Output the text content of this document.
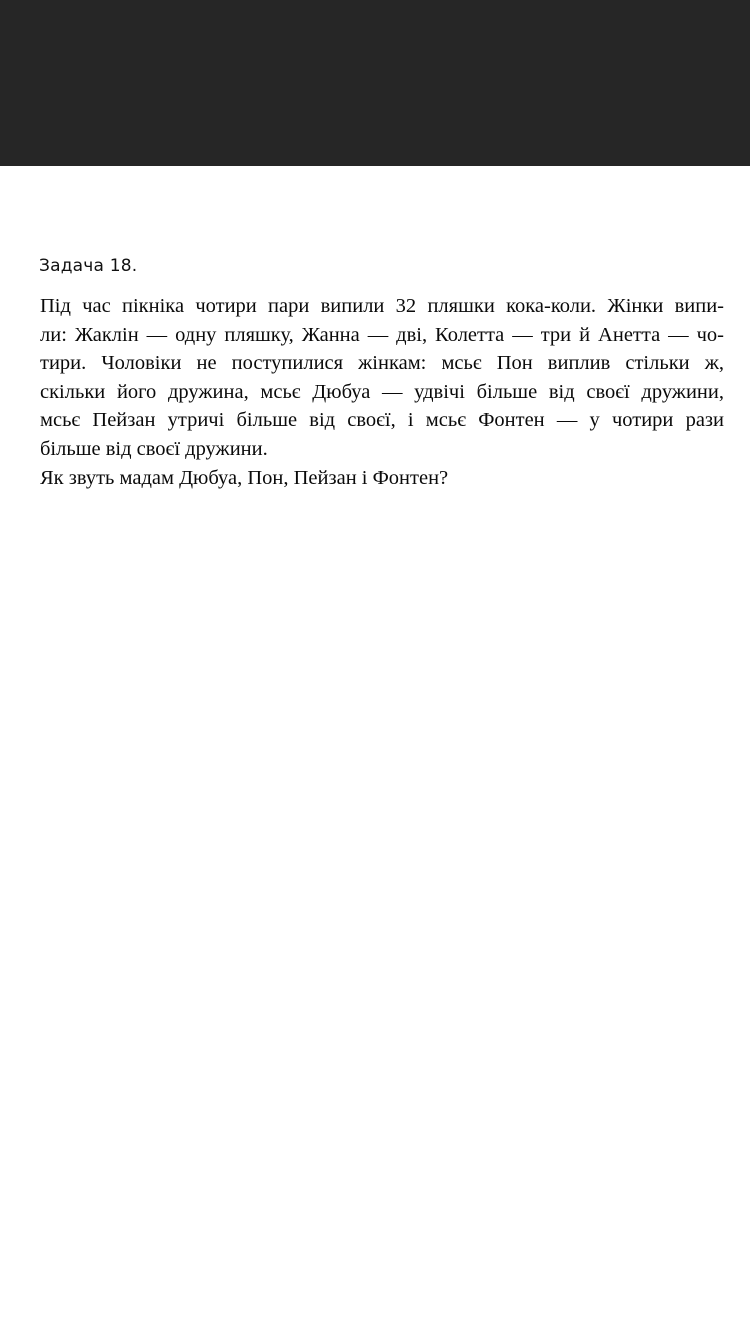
Задача 18.
Під час пікніка чотири пари випили 32 пляшки кока-коли. Жінки випи-
ли: Жаклін — одну пляшку, Жанна — дві, Колетта — три й Анетта — чо-
тири. Чоловіки не поступилися жінкам: мсьє Пон виплив стільки ж,
скільки його дружина, мсьє Дюбуа — удвічі більше від своєї дружини,
мсьє Пейзан утричі більше від своєї, і мсьє Фонтен — у чотири рази
більше від своєї дружини.
Як звуть мадам Дюбуа, Пон, Пейзан і Фонтен?
